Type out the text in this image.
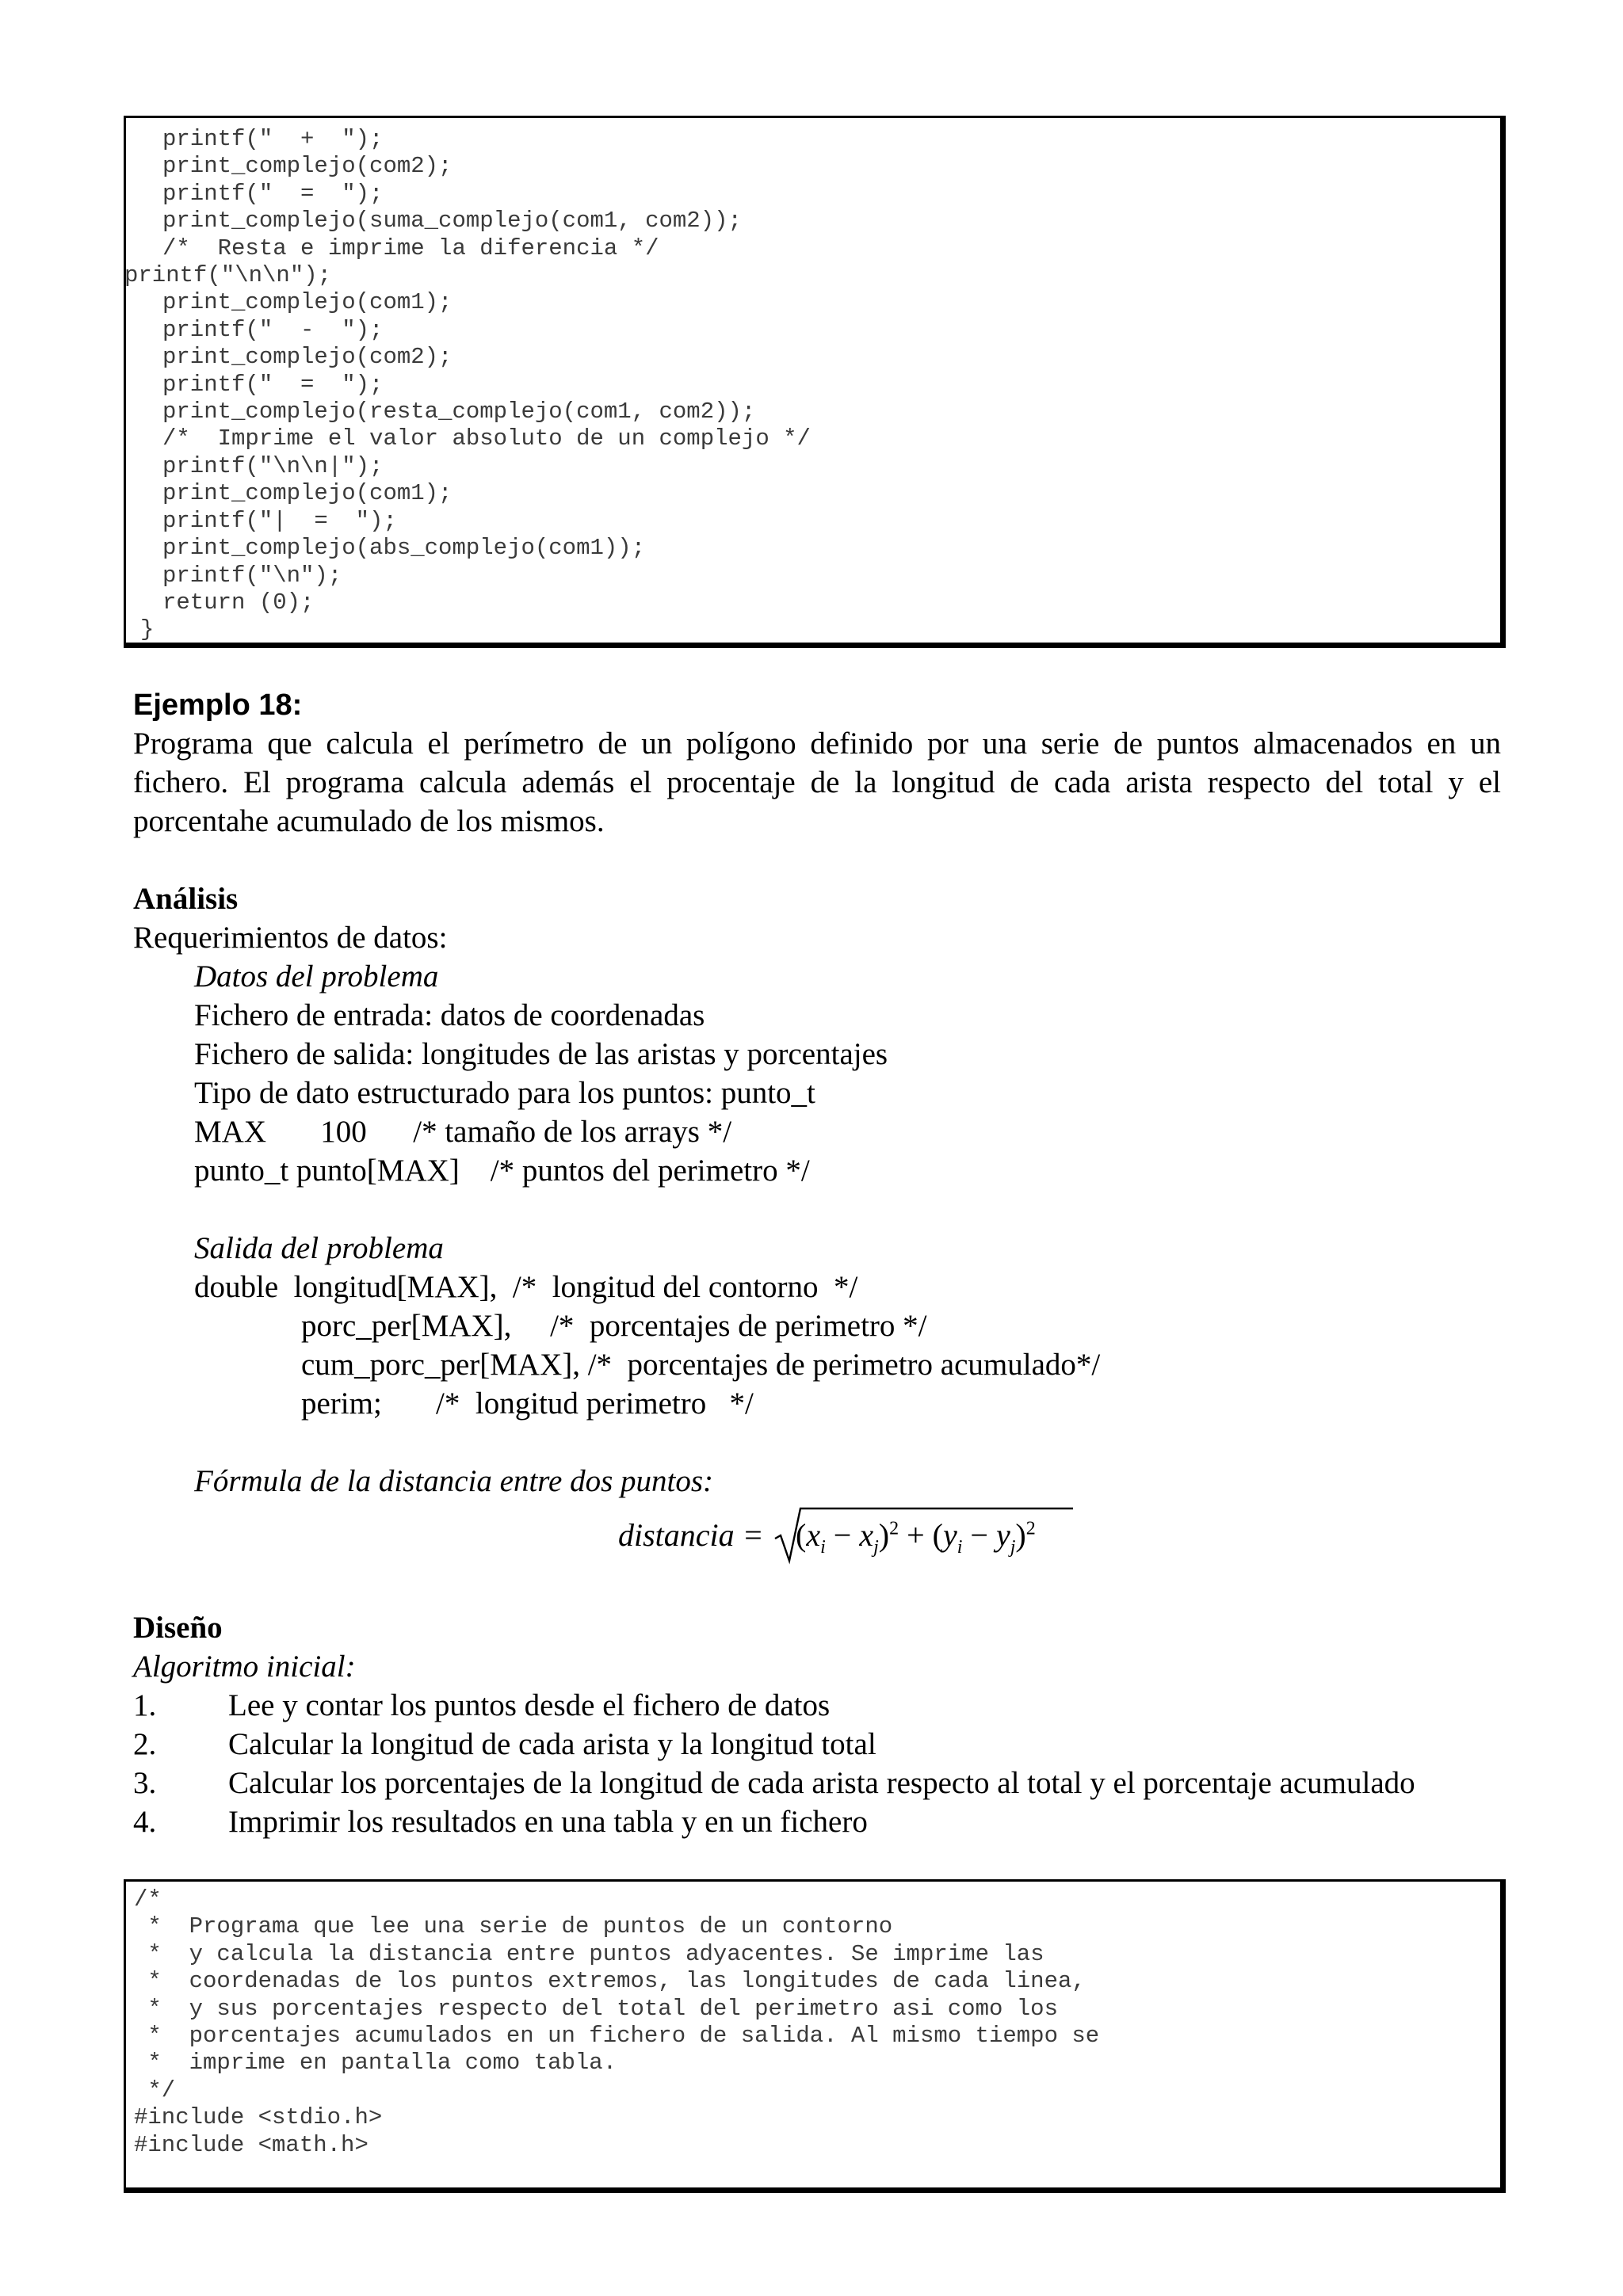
printf("  +  ");
print_complejo(com2);
printf("  =  ");
print_complejo(suma_complejo(com1, com2));
/*  Resta e imprime la diferencia */
printf("\n\n");
print_complejo(com1);
printf("  -  ");
print_complejo(com2);
printf("  =  ");
print_complejo(resta_complejo(com1, com2));
/*  Imprime el valor absoluto de un complejo */
printf("\n\n|");
print_complejo(com1);
printf("|  =  ");
print_complejo(abs_complejo(com1));
printf("\n");
return (0);
}
Ejemplo 18:

Programa que calcula el perímetro de un polígono definido por una serie de puntos almacenados en un fichero. El programa calcula además el procentaje de la longitud de cada arista respecto del total y el porcentahe acumulado de los mismos.

Análisis
Requerimientos de datos:
Datos del problema
Fichero de entrada: datos de coordenadas
Fichero de salida: longitudes de las aristas y porcentajes
Tipo de dato estructurado para los puntos: punto_t
MAX       100      /* tamaño de los arrays */
punto_t punto[MAX]    /* puntos del perimetro */
Salida del problema
double  longitud[MAX],  /*  longitud del contorno  */
porc_per[MAX],     /*  porcentajes de perimetro */
cum_porc_per[MAX], /*  porcentajes de perimetro acumulado*/
perim;       /*  longitud perimetro   */
Fórmula de la distancia entre dos puntos:
distancia = $(x_i - x_j)^2 + (y_i - y_j)^2$
Diseño
Algoritmo inicial:
1. Lee y contar los puntos desde el fichero de datos
2. Calcular la longitud de cada arista y la longitud total
3. Calcular los porcentajes de la longitud de cada arista respecto al total y el porcentaje acumulado
4. Imprimir los resultados en una tabla y en un fichero
/*
*  Programa que lee una serie de puntos de un contorno
*  y calcula la distancia entre puntos adyacentes. Se imprime las
*  coordenadas de los puntos extremos, las longitudes de cada linea,
*  y sus porcentajes respecto del total del perimetro asi como los
*  porcentajes acumulados en un fichero de salida. Al mismo tiempo se
*  imprime en pantalla como tabla.
*/
#include <stdio.h>
#include <math.h>
